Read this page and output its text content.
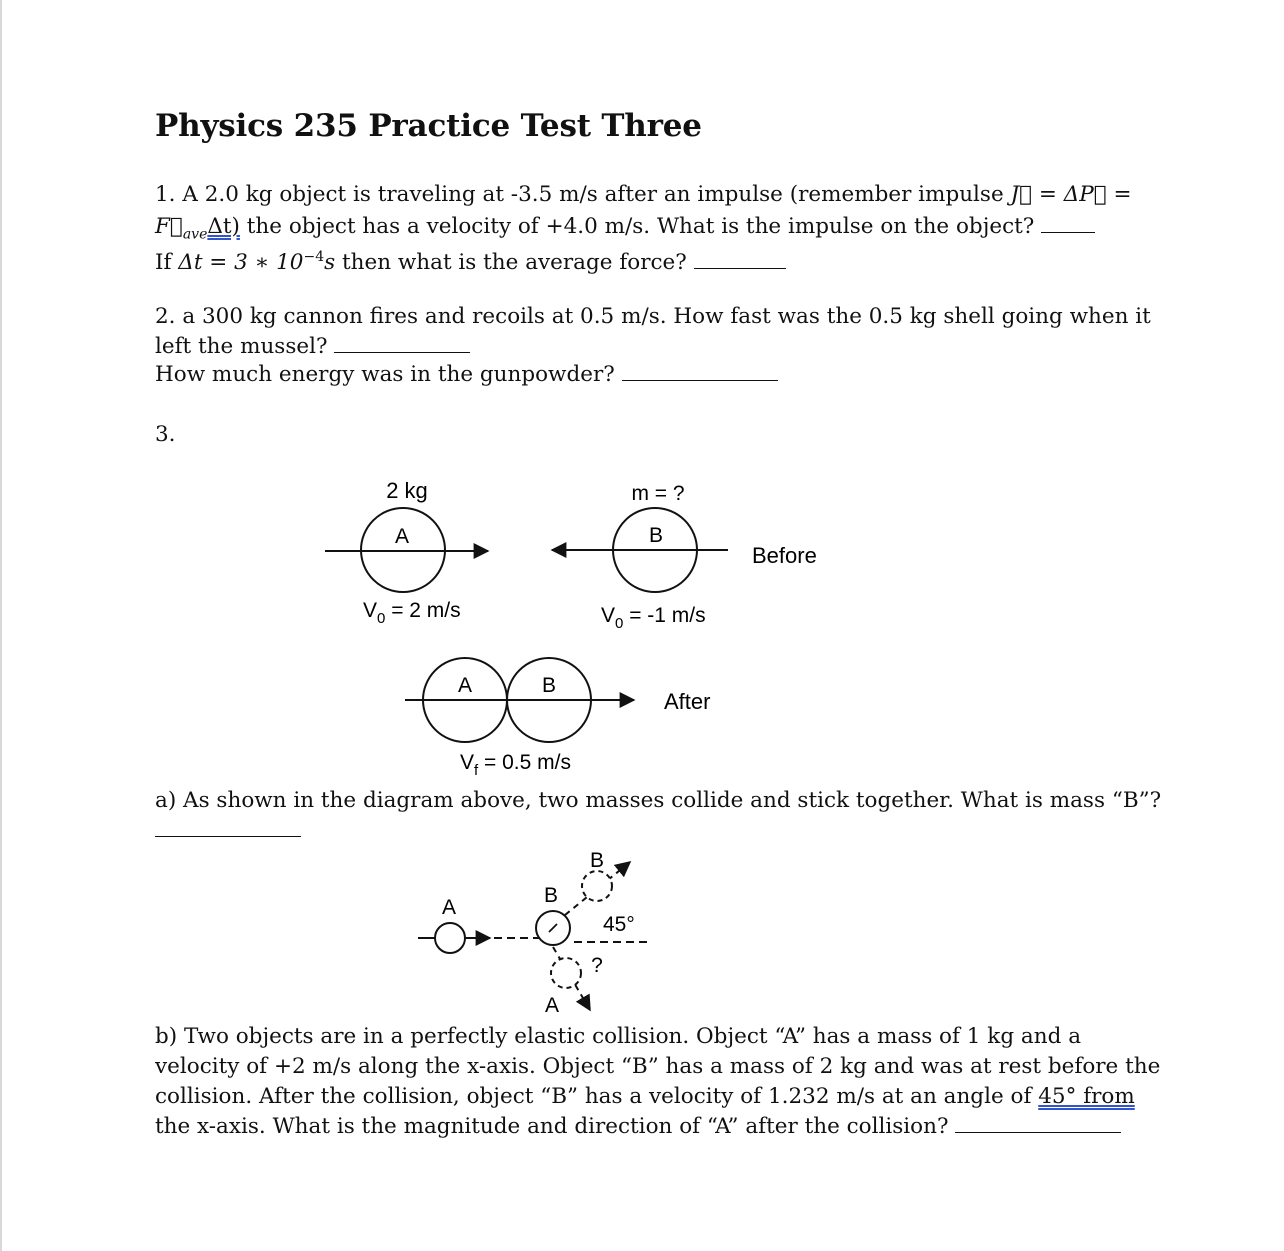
Physics 235 Practice Test Three
1. A 2.0 kg object is traveling at -3.5 m/s after an impulse (remember impulse J⃗ = ΔP⃗ =
$F⃗_{ave}\Delta t$) the object has a velocity of +4.0 m/s. What is the impulse on the object?
If Δt = 3 ∗ $10^{-4}s$ then what is the average force?
2. a 300 kg cannon fires and recoils at 0.5 m/s. How fast was the 0.5 kg shell going when it
left the mussel?
How much energy was in the gunpowder?
3.
2 kg
A
$V_0 = 2$ m/s
m = ?
B
$V_0 = -1$ m/s
Before
A	B
After
$V_f = 0.5$ m/s
A
B
B
45°
?
A
a) As shown in the diagram above, two masses collide and stick together. What is mass “B”?
b) Two objects are in a perfectly elastic collision. Object “A” has a mass of 1 kg and a
velocity of +2 m/s along the x-axis. Object “B” has a mass of 2 kg and was at rest before the
collision. After the collision, object “B” has a velocity of 1.232 m/s at an angle of 45° from
the x-axis. What is the magnitude and direction of “A” after the collision?
